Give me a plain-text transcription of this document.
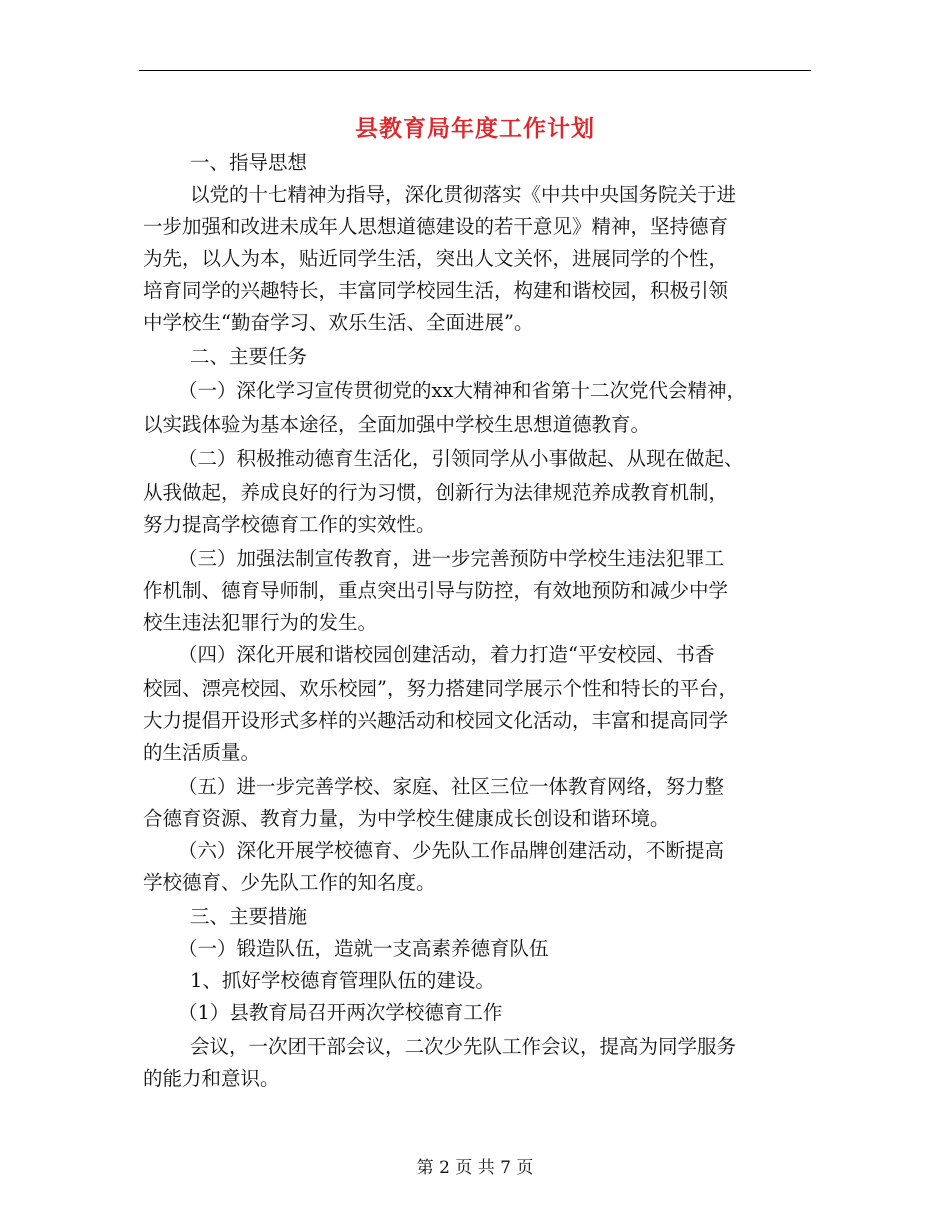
县教育局年度工作计划
一、指导思想
以党的十七精神为指导，深化贯彻落实《中共中央国务院关于进
一步加强和改进未成年人思想道德建设的若干意见》精神，坚持德育
为先，以人为本，贴近同学生活，突出人文关怀，进展同学的个性，
培育同学的兴趣特长，丰富同学校园生活，构建和谐校园，积极引领
中学校生“勤奋学习、欢乐生活、全面进展”。
二、主要任务
（一）深化学习宣传贯彻党的xx大精神和省第十二次党代会精神，
以实践体验为基本途径，全面加强中学校生思想道德教育。
（二）积极推动德育生活化，引领同学从小事做起、从现在做起、
从我做起，养成良好的行为习惯，创新行为法律规范养成教育机制，
努力提高学校德育工作的实效性。
（三）加强法制宣传教育，进一步完善预防中学校生违法犯罪工
作机制、德育导师制，重点突出引导与防控，有效地预防和减少中学
校生违法犯罪行为的发生。
（四）深化开展和谐校园创建活动，着力打造“平安校园、书香
校园、漂亮校园、欢乐校园”，努力搭建同学展示个性和特长的平台，
大力提倡开设形式多样的兴趣活动和校园文化活动，丰富和提高同学
的生活质量。
（五）进一步完善学校、家庭、社区三位一体教育网络，努力整
合德育资源、教育力量，为中学校生健康成长创设和谐环境。
（六）深化开展学校德育、少先队工作品牌创建活动，不断提高
学校德育、少先队工作的知名度。
三、主要措施
（一）锻造队伍，造就一支高素养德育队伍
1、抓好学校德育管理队伍的建设。
（1）县教育局召开两次学校德育工作
会议，一次团干部会议，二次少先队工作会议，提高为同学服务
的能力和意识。
第 2 页 共 7 页
